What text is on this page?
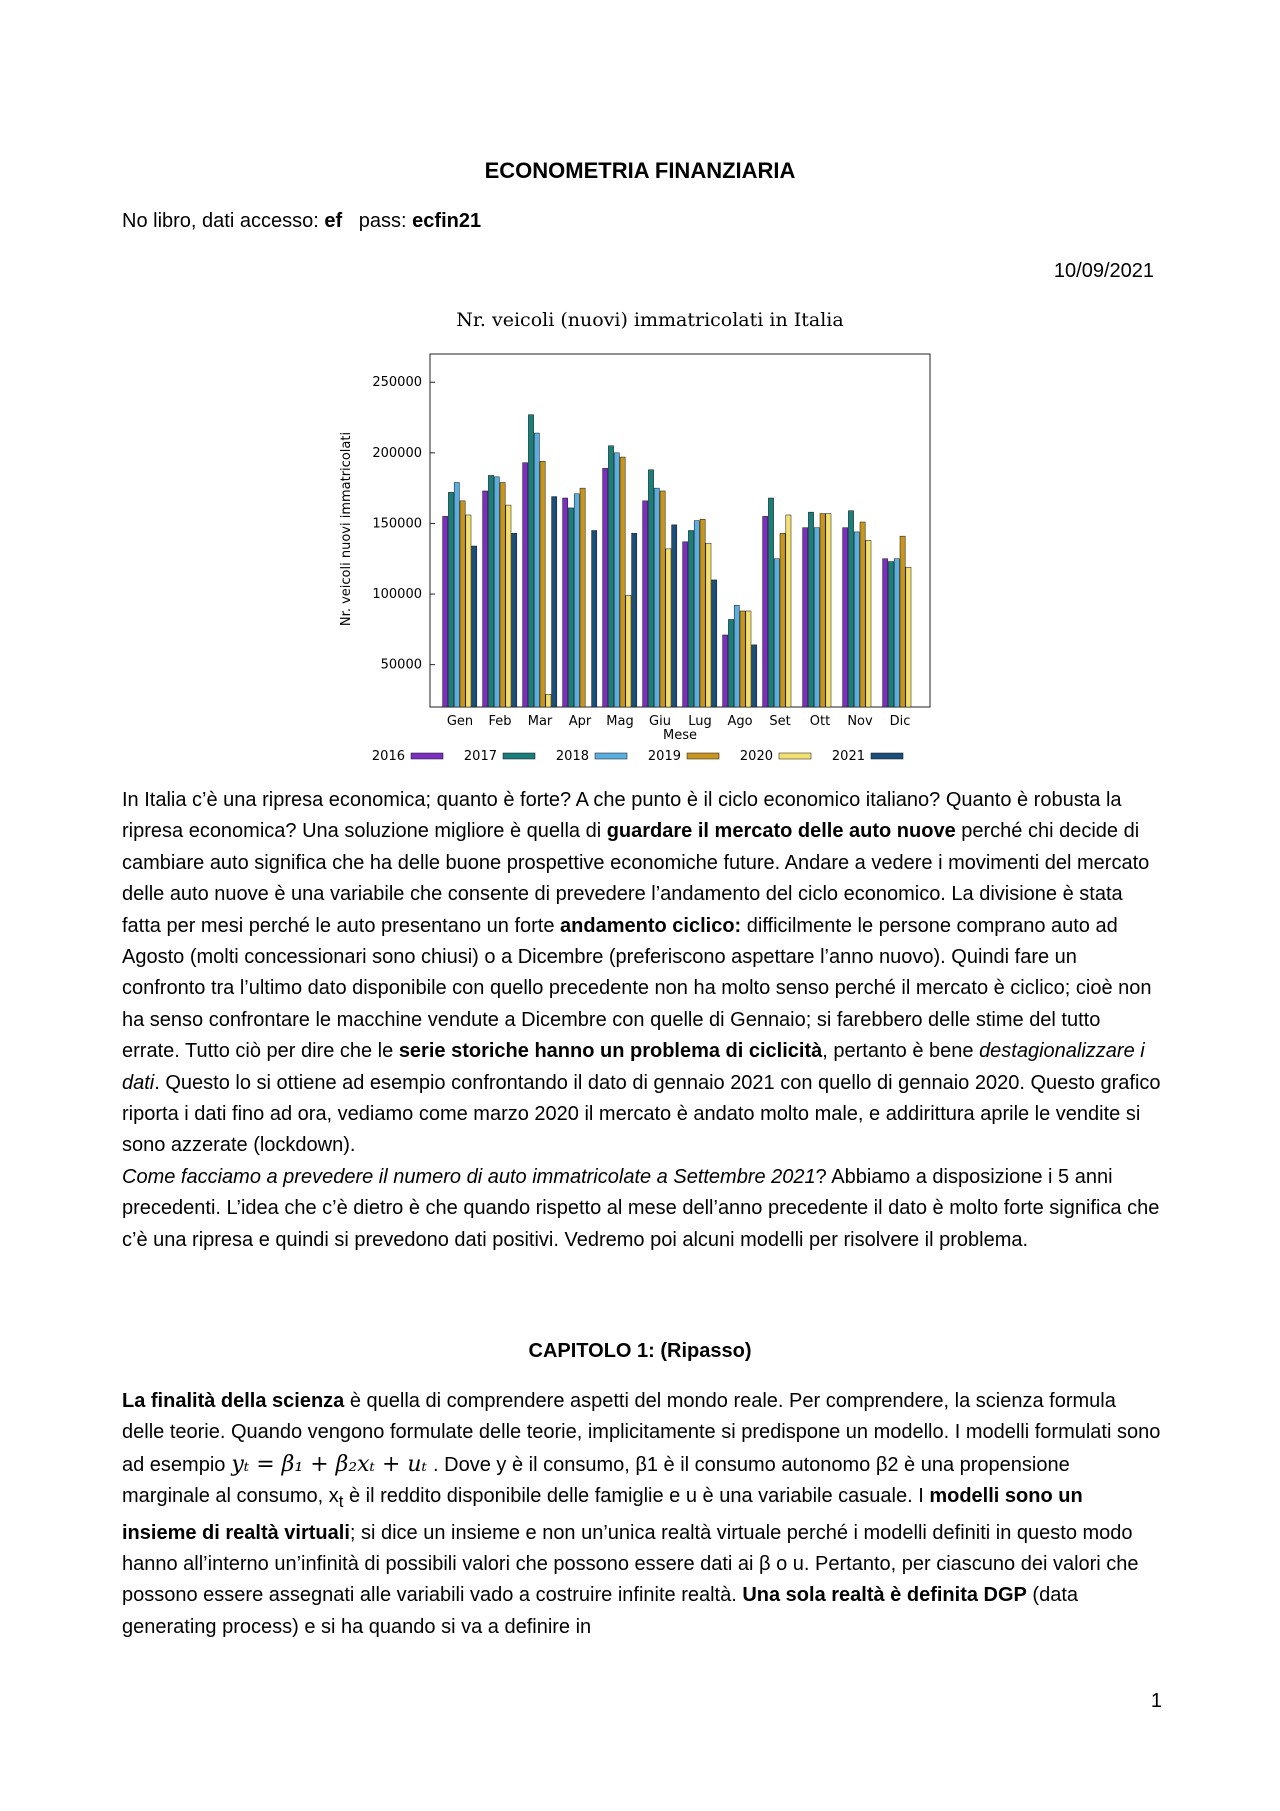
ECONOMETRIA FINANZIARIA
No libro, dati accesso: ef pass: ecfin21
10/09/2021
Nr. veicoli (nuovi) immatricolati in Italia
250000
200000
150000
100000
50000
Gen Feb Mar Apr Mag Giu Lug Ago Set Ott Nov Dic
Nr. veicoli nuovi immatricolati
Mese
2016	2017	2018	2019	2020	2021
In Italia c’è una ripresa economica; quanto è forte? A che punto è il ciclo economico italiano? Quanto è robusta la ripresa economica? Una soluzione migliore è quella di guardare il mercato delle auto nuove perché chi decide di cambiare auto significa che ha delle buone prospettive economiche future. Andare a vedere i movimenti del mercato delle auto nuove è una variabile che consente di prevedere l’andamento del ciclo economico. La divisione è stata fatta per mesi perché le auto presentano un forte andamento ciclico: difficilmente le persone comprano auto ad Agosto (molti concessionari sono chiusi) o a Dicembre (preferiscono aspettare l’anno nuovo). Quindi fare un confronto tra l’ultimo dato disponibile con quello precedente non ha molto senso perché il mercato è ciclico; cioè non ha senso confrontare le macchine vendute a Dicembre con quelle di Gennaio; si farebbero delle stime del tutto errate. Tutto ciò per dire che le serie storiche hanno un problema di ciclicità, pertanto è bene destagionalizzare i dati. Questo lo si ottiene ad esempio confrontando il dato di gennaio 2021 con quello di gennaio 2020. Questo grafico riporta i dati fino ad ora, vediamo come marzo 2020 il mercato è andato molto male, e addirittura aprile le vendite si sono azzerate (lockdown).
Come facciamo a prevedere il numero di auto immatricolate a Settembre 2021? Abbiamo a disposizione i 5 anni precedenti. L’idea che c’è dietro è che quando rispetto al mese dell’anno precedente il dato è molto forte significa che c’è una ripresa e quindi si prevedono dati positivi. Vedremo poi alcuni modelli per risolvere il problema.
CAPITOLO 1: (Ripasso)
La finalità della scienza è quella di comprendere aspetti del mondo reale. Per comprendere, la scienza formula delle teorie. Quando vengono formulate delle teorie, implicitamente si predispone un modello. I modelli formulati sono ad esempio yₜ = β₁ + β₂xₜ + uₜ . Dove y è il consumo, β1 è il consumo autonomo β2 è una propensione marginale al consumo, $x_t$ è il reddito disponibile delle famiglie e u è una variabile casuale. I modelli sono un insieme di realtà virtuali; si dice un insieme e non un’unica realtà virtuale perché i modelli definiti in questo modo hanno all’interno un’infinità di possibili valori che possono essere dati ai β o u. Pertanto, per ciascuno dei valori che possono essere assegnati alle variabili vado a costruire infinite realtà. Una sola realtà è definita DGP (data generating process) e si ha quando si va a definire in
1
